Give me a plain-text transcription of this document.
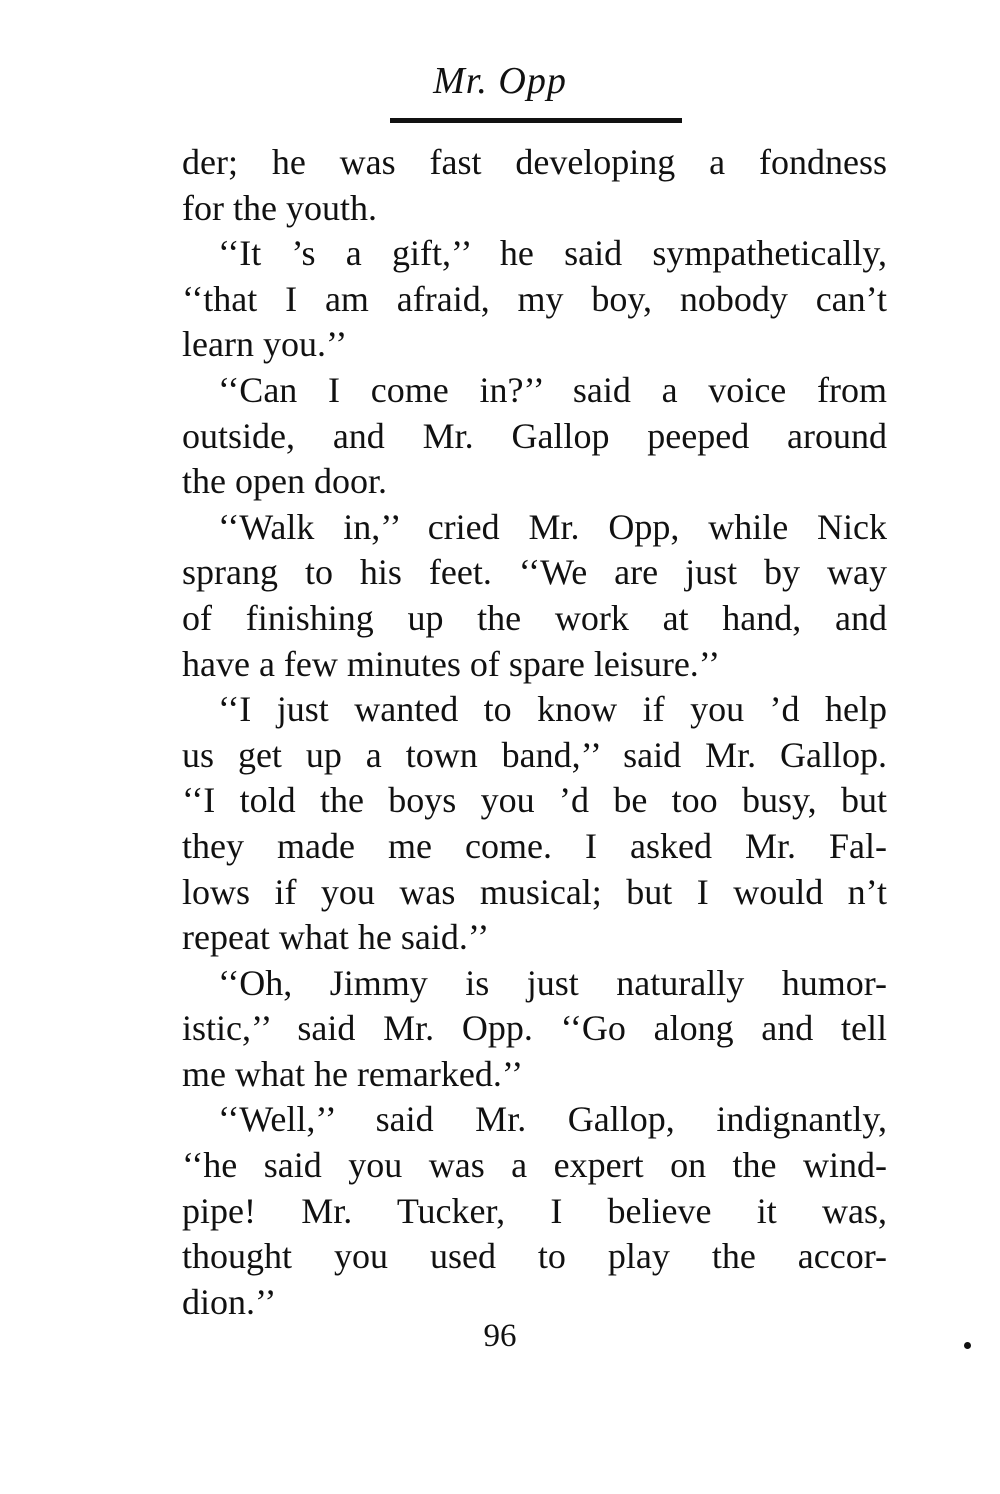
Mr. Opp
der; he was fast developing a fondness
for the youth.
‘‘It ’s a gift,’’ he said sympathetically,
‘‘that I am afraid, my boy, nobody can’t
learn you.’’
‘‘Can I come in?’’ said a voice from
outside, and Mr. Gallop peeped around
the open door.
‘‘Walk in,’’ cried Mr. Opp, while Nick
sprang to his feet. ‘‘We are just by way
of finishing up the work at hand, and
have a few minutes of spare leisure.’’
‘‘I just wanted to know if you ’d help
us get up a town band,’’ said Mr. Gallop.
‘‘I told the boys you ’d be too busy, but
they made me come. I asked Mr. Fal-
lows if you was musical; but I would n’t
repeat what he said.’’
‘‘Oh, Jimmy is just naturally humor-
istic,’’ said Mr. Opp. ‘‘Go along and tell
me what he remarked.’’
‘‘Well,’’ said Mr. Gallop, indignantly,
‘‘he said you was a expert on the wind-
pipe! Mr. Tucker, I believe it was,
thought you used to play the accor-
dion.’’
96
